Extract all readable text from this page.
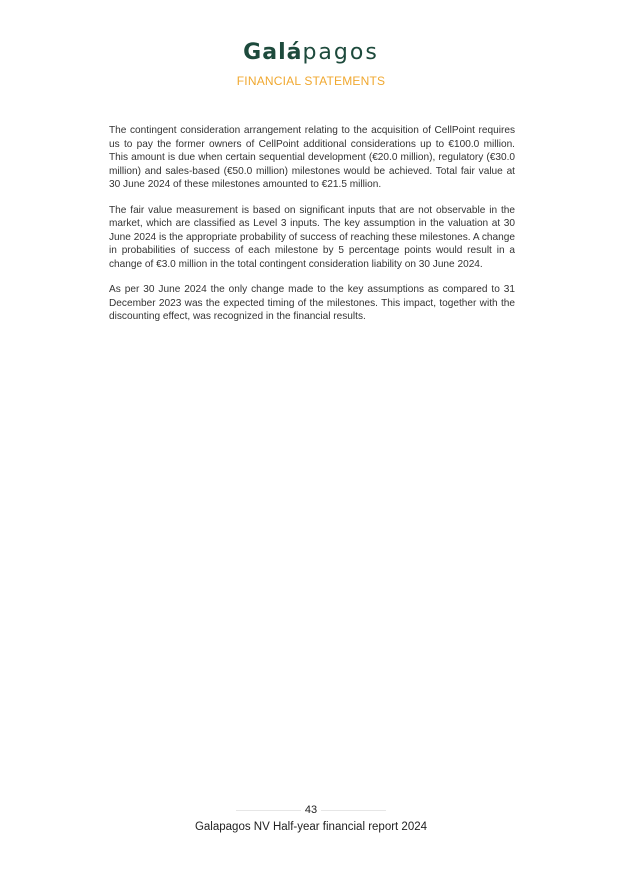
Galápagos
FINANCIAL STATEMENTS

The contingent consideration arrangement relating to the acquisition of CellPoint requires us to pay the former owners of CellPoint additional considerations up to €100.0 million. This amount is due when certain sequential development (€20.0 million), regulatory (€30.0 million) and sales-based (€50.0 million) milestones would be achieved. Total fair value at 30 June 2024 of these milestones amounted to €21.5 million.

The fair value measurement is based on significant inputs that are not observable in the market, which are classified as Level 3 inputs. The key assumption in the valuation at 30 June 2024 is the appropriate probability of success of reaching these milestones. A change in probabilities of success of each milestone by 5 percentage points would result in a change of €3.0 million in the total contingent consideration liability on 30 June 2024.

As per 30 June 2024 the only change made to the key assumptions as compared to 31 December 2023 was the expected timing of the milestones. This impact, together with the discounting effect, was recognized in the financial results.

43
Galapagos NV Half-year financial report 2024
